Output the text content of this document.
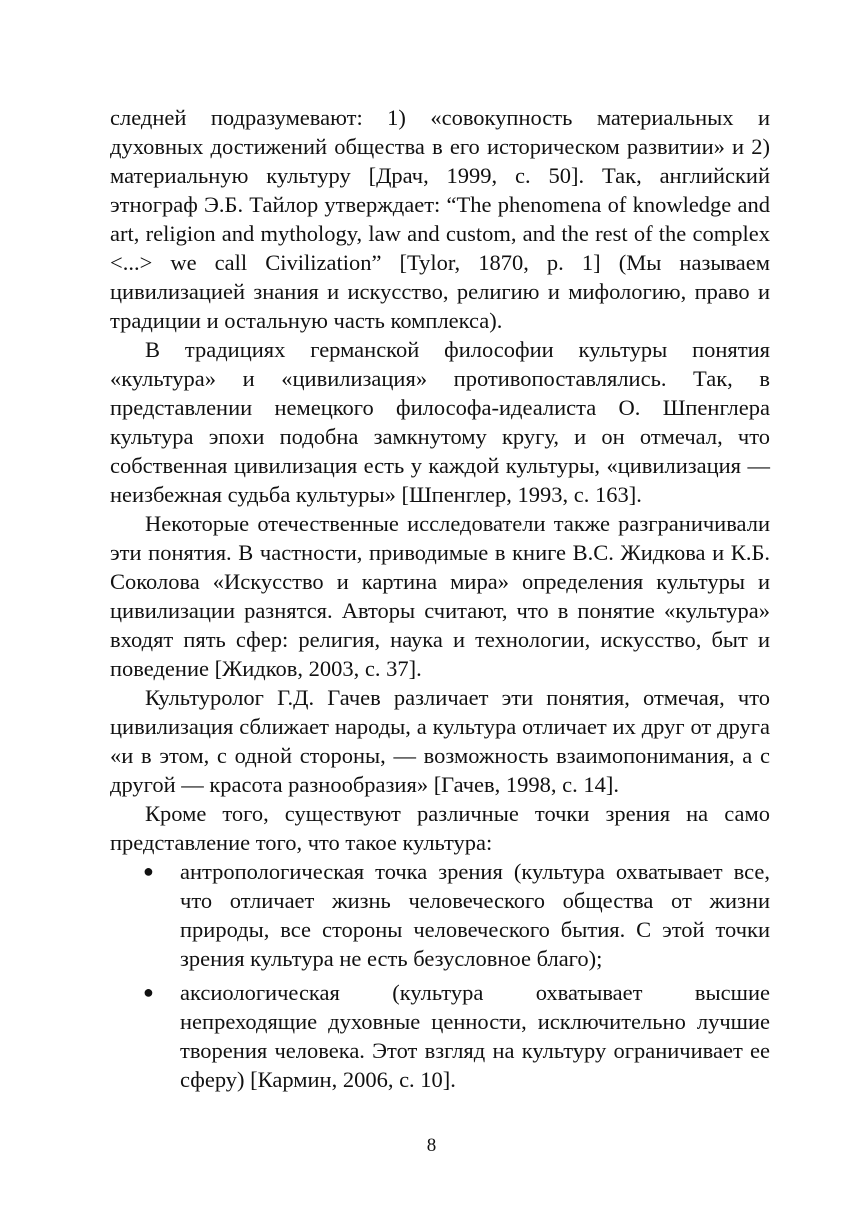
следней подразумевают: 1) «совокупность материальных и духовных достижений общества в его историческом развитии» и 2) материальную культуру [Драч, 1999, с. 50]. Так, английский этнограф Э.Б. Тайлор утверждает: “The phenomena of knowledge and art, religion and mythology, law and custom, and the rest of the complex <...> we call Civilization” [Tylor, 1870, p. 1] (Мы называем цивилизацией знания и искусство, религию и мифологию, право и традиции и остальную часть комплекса).

В традициях германской философии культуры понятия «культура» и «цивилизация» противопоставлялись. Так, в представлении немецкого философа-идеалиста О. Шпенглера культура эпохи подобна замкнутому кругу, и он отмечал, что собственная цивилизация есть у каждой культуры, «цивилизация — неизбежная судьба культуры» [Шпенглер, 1993, с. 163].

Некоторые отечественные исследователи также разграничивали эти понятия. В частности, приводимые в книге В.С. Жидкова и К.Б. Соколова «Искусство и картина мира» определения культуры и цивилизации разнятся. Авторы считают, что в понятие «культура» входят пять сфер: религия, наука и технологии, искусство, быт и поведение [Жидков, 2003, с. 37].

Культуролог Г.Д. Гачев различает эти понятия, отмечая, что цивилизация сближает народы, а культура отличает их друг от друга «и в этом, с одной стороны, — возможность взаимопонимания, а с другой — красота разнообразия» [Гачев, 1998, с. 14].

Кроме того, существуют различные точки зрения на само представление того, что такое культура:

● антропологическая точка зрения (культура охватывает все, что отличает жизнь человеческого общества от жизни природы, все стороны человеческого бытия. С этой точки зрения культура не есть безусловное благо);
● аксиологическая (культура охватывает высшие непреходящие духовные ценности, исключительно лучшие творения человека. Этот взгляд на культуру ограничивает ее сферу) [Кармин, 2006, с. 10].
8
